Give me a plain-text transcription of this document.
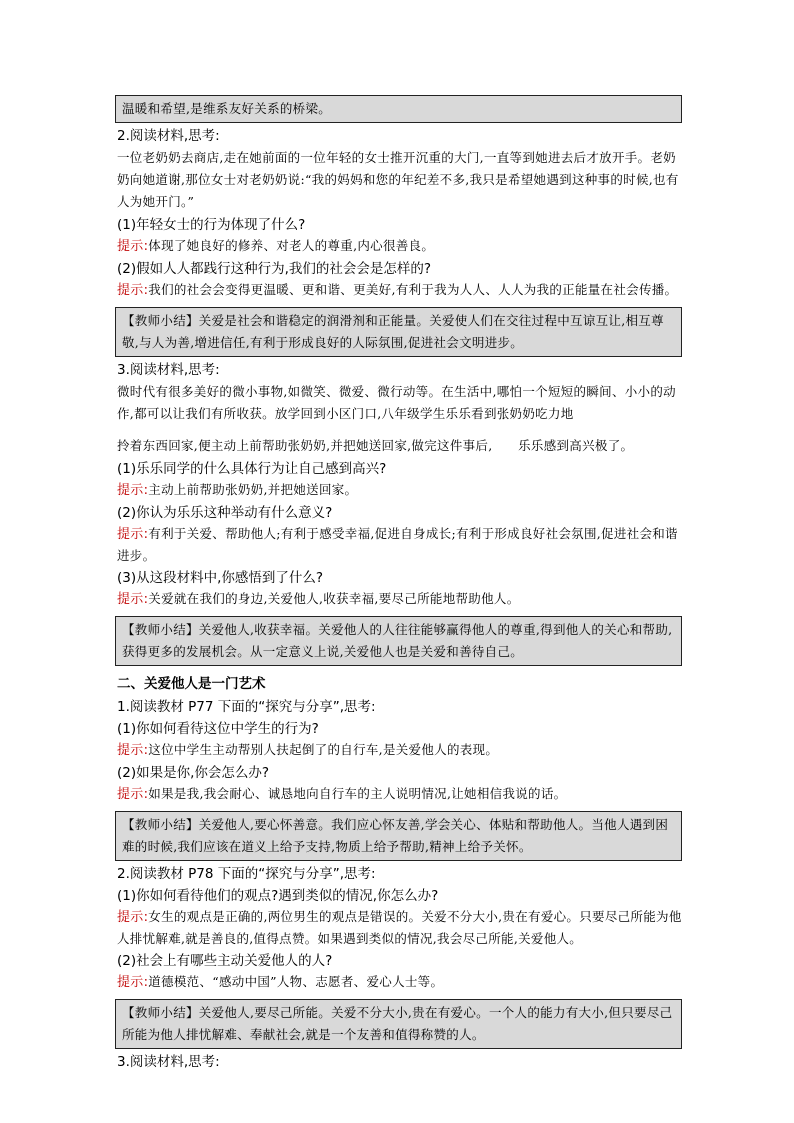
温暖和希望,是维系友好关系的桥梁。
2.阅读材料,思考:
一位老奶奶去商店,走在她前面的一位年轻的女士推开沉重的大门,一直等到她进去后才放开手。老奶奶向她道谢,那位女士对老奶奶说:“我的妈妈和您的年纪差不多,我只是希望她遇到这种事的时候,也有人为她开门。”
(1)年轻女士的行为体现了什么?
提示:体现了她良好的修养、对老人的尊重,内心很善良。
(2)假如人人都践行这种行为,我们的社会会是怎样的?
提示:我们的社会会变得更温暖、更和谐、更美好,有利于我为人人、人人为我的正能量在社会传播。
【教师小结】关爱是社会和谐稳定的润滑剂和正能量。关爱使人们在交往过程中互谅互让,相互尊敬,与人为善,增进信任,有利于形成良好的人际氛围,促进社会文明进步。
3.阅读材料,思考:
微时代有很多美好的微小事物,如微笑、微爱、微行动等。在生活中,哪怕一个短短的瞬间、小小的动作,都可以让我们有所收获。放学回到小区门口,八年级学生乐乐看到张奶奶吃力地
拎着东西回家,便主动上前帮助张奶奶,并把她送回家,做完这件事后,　　乐乐感到高兴极了。
(1)乐乐同学的什么具体行为让自己感到高兴?
提示:主动上前帮助张奶奶,并把她送回家。
(2)你认为乐乐这种举动有什么意义?
提示:有利于关爱、帮助他人;有利于感受幸福,促进自身成长;有利于形成良好社会氛围,促进社会和谐进步。
(3)从这段材料中,你感悟到了什么?
提示:关爱就在我们的身边,关爱他人,收获幸福,要尽己所能地帮助他人。
【教师小结】关爱他人,收获幸福。关爱他人的人往往能够赢得他人的尊重,得到他人的关心和帮助,获得更多的发展机会。从一定意义上说,关爱他人也是关爱和善待自己。
二、关爱他人是一门艺术
1.阅读教材 P77 下面的“探究与分享”,思考:
(1)你如何看待这位中学生的行为?
提示:这位中学生主动帮别人扶起倒了的自行车,是关爱他人的表现。
(2)如果是你,你会怎么办?
提示:如果是我,我会耐心、诚恳地向自行车的主人说明情况,让她相信我说的话。
【教师小结】关爱他人,要心怀善意。我们应心怀友善,学会关心、体贴和帮助他人。当他人遇到困难的时候,我们应该在道义上给予支持,物质上给予帮助,精神上给予关怀。
2.阅读教材 P78 下面的“探究与分享”,思考:
(1)你如何看待他们的观点?遇到类似的情况,你怎么办?
提示:女生的观点是正确的,两位男生的观点是错误的。关爱不分大小,贵在有爱心。只要尽己所能为他人排忧解难,就是善良的,值得点赞。如果遇到类似的情况,我会尽己所能,关爱他人。
(2)社会上有哪些主动关爱他人的人?
提示:道德模范、“感动中国”人物、志愿者、爱心人士等。
【教师小结】关爱他人,要尽己所能。关爱不分大小,贵在有爱心。一个人的能力有大小,但只要尽己所能为他人排忧解难、奉献社会,就是一个友善和值得称赞的人。
3.阅读材料,思考:
